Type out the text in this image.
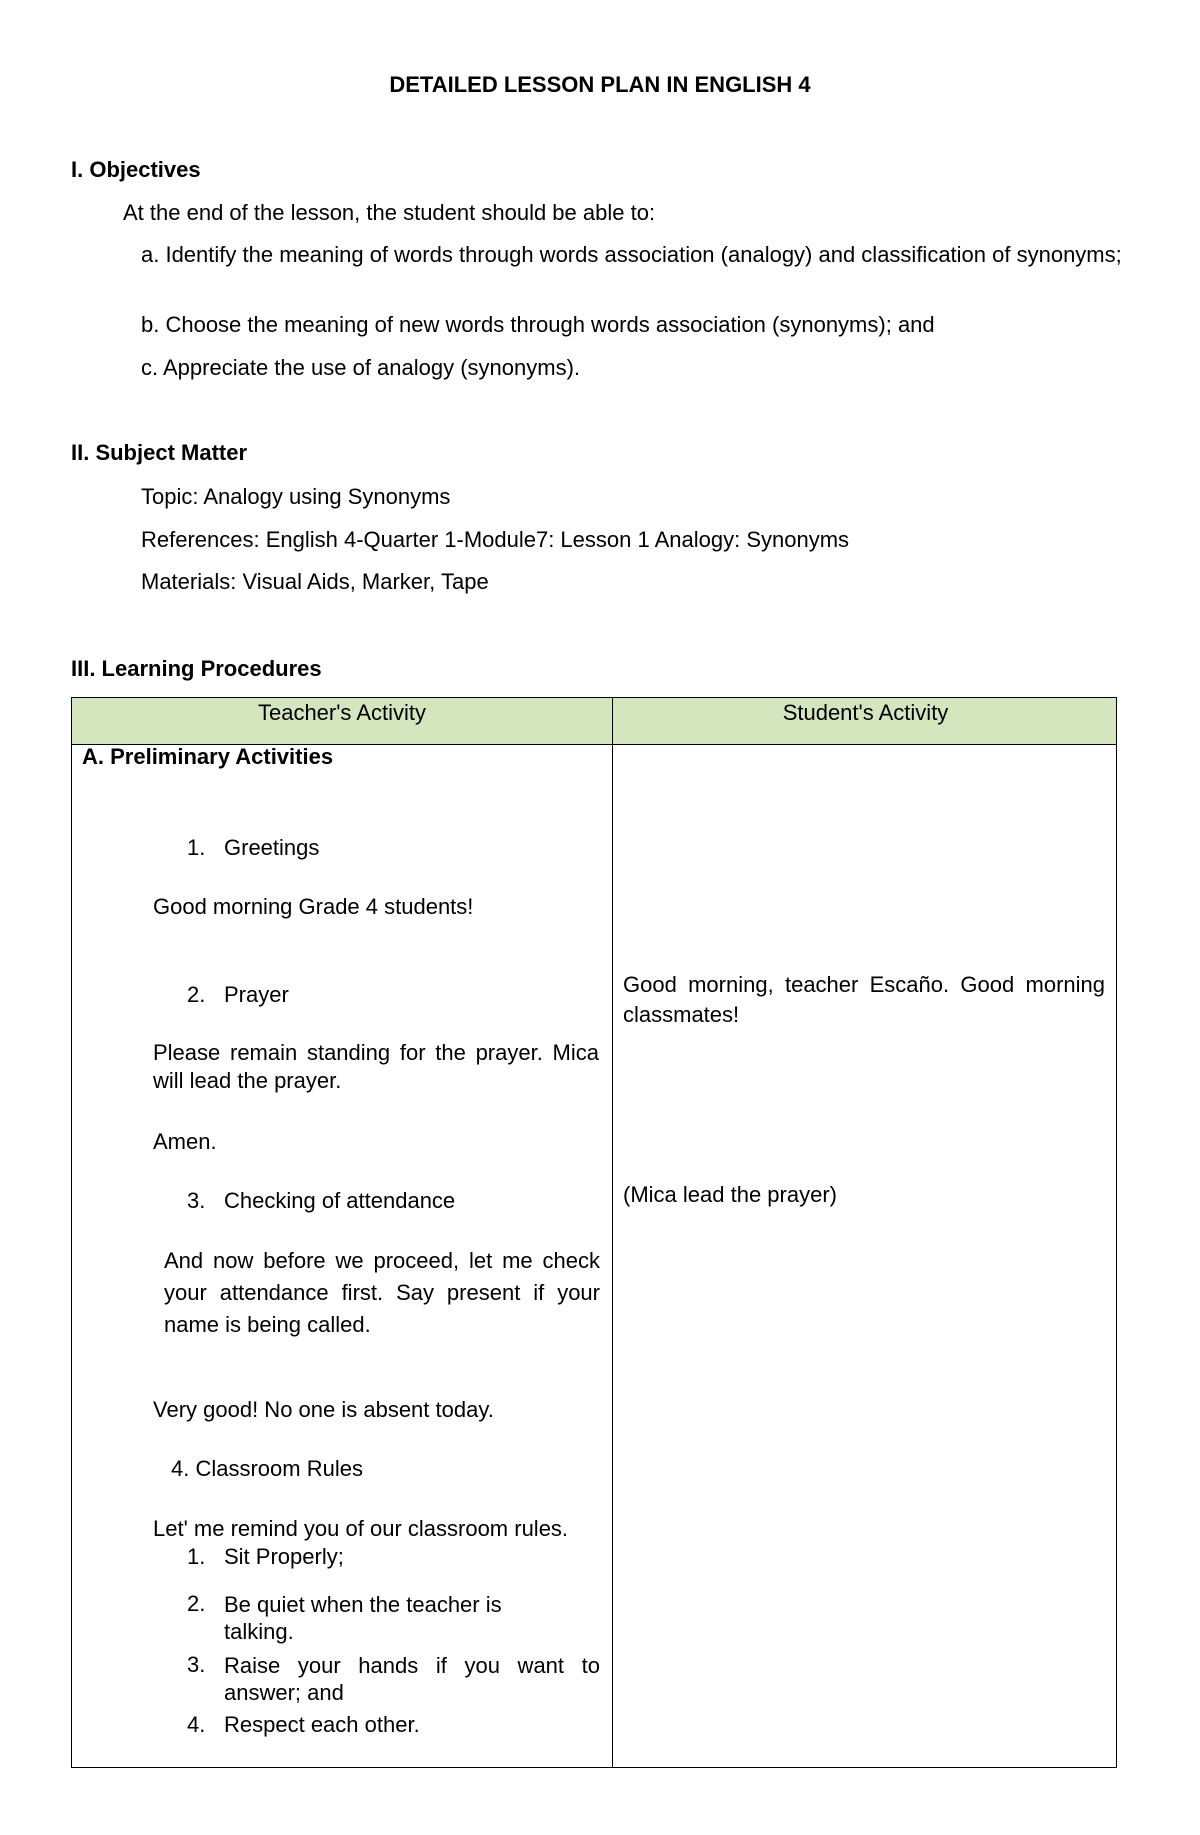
DETAILED LESSON PLAN IN ENGLISH 4
I. Objectives
At the end of the lesson, the student should be able to:
a. Identify the meaning of words through words association (analogy) and classification of synonyms;
b. Choose the meaning of new words through words association (synonyms); and
c. Appreciate the use of analogy (synonyms).
II. Subject Matter
Topic: Analogy using Synonyms
References: English 4-Quarter 1-Module7: Lesson 1 Analogy: Synonyms
Materials: Visual Aids, Marker, Tape
III. Learning Procedures
Teacher's Activity	Student's Activity
A. Preliminary Activities
1. Greetings
Good morning Grade 4 students!
2. Prayer
Please remain standing for the prayer. Mica will lead the prayer.
Amen.
3. Checking of attendance
And now before we proceed, let me check your attendance first. Say present if your name is being called.
Very good! No one is absent today.
4. Classroom Rules
Let' me remind you of our classroom rules.
1. Sit Properly;
2. Be quiet when the teacher is talking.
3. Raise your hands if you want to answer; and
4. Respect each other.
Good morning, teacher Escaño. Good morning classmates!
(Mica lead the prayer)
